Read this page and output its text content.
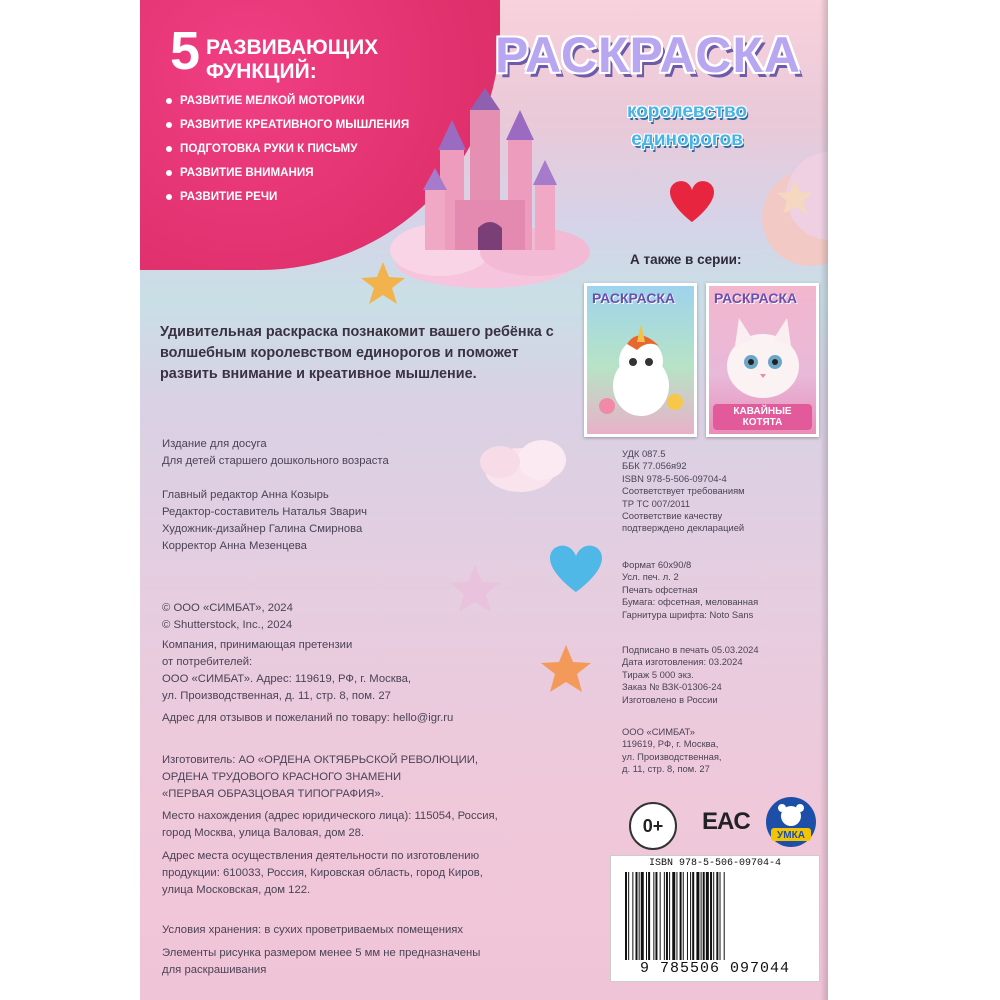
5 РАЗВИВАЮЩИХ
ФУНКЦИЙ:
РАЗВИТИЕ МЕЛКОЙ МОТОРИКИ
РАЗВИТИЕ КРЕАТИВНОГО МЫШЛЕНИЯ
ПОДГОТОВКА РУКИ К ПИСЬМУ
РАЗВИТИЕ ВНИМАНИЯ
РАЗВИТИЕ РЕЧИ
РАСКРАСКА
королевство
единорогов
А также в серии:
РАСКРАСКА	РАСКРАСКА
КАВАЙНЫЕ КОТЯТА
Удивительная раскраска познакомит вашего ребёнка с волшебным королевством единорогов и поможет развить внимание и креативное мышление.

Издание для досуга

Для детей старшего дошкольного возраста

Главный редактор Анна Козырь

Редактор-составитель Наталья Зварич

Художник-дизайнер Галина Смирнова

Корректор Анна Мезенцева

© ООО «СИМБАТ», 2024

© Shutterstock, Inc., 2024

Компания, принимающая претензии

от потребителей:

ООО «СИМБАТ». Адрес: 119619, РФ, г. Москва,

ул. Производственная, д. 11, стр. 8, пом. 27

Адрес для отзывов и пожеланий по товару: hello@igr.ru

Изготовитель: АО «ОРДЕНА ОКТЯБРЬСКОЙ РЕВОЛЮЦИИ,

ОРДЕНА ТРУДОВОГО КРАСНОГО ЗНАМЕНИ

«ПЕРВАЯ ОБРАЗЦОВАЯ ТИПОГРАФИЯ».

Место нахождения (адрес юридического лица): 115054, Россия,

город Москва, улица Валовая, дом 28.

Адрес места осуществления деятельности по изготовлению

продукции: 610033, Россия, Кировская область, город Киров,

улица Московская, дом 122.

Условия хранения: в сухих проветриваемых помещениях

Элементы рисунка размером менее 5 мм не предназначены

для раскрашивания

УДК 087.5

ББК 77.056я92

ISBN 978-5-506-09704-4

Соответствует требованиям

ТР ТС 007/2011

Соответствие качеству

подтверждено декларацией

Формат 60x90/8

Усл. печ. л. 2

Печать офсетная

Бумага: офсетная, мелованная

Гарнитура шрифта: Noto Sans

Подписано в печать 05.03.2024

Дата изготовления: 03.2024

Тираж 5 000 экз.

Заказ № ВЗК-01306-24

Изготовлено в России

ООО «СИМБАТ»

119619, РФ, г. Москва,

ул. Производственная,

д. 11, стр. 8, пом. 27

0+	EAC
УМКА
ISBN 978-5-506-09704-4
9 785506 097044
